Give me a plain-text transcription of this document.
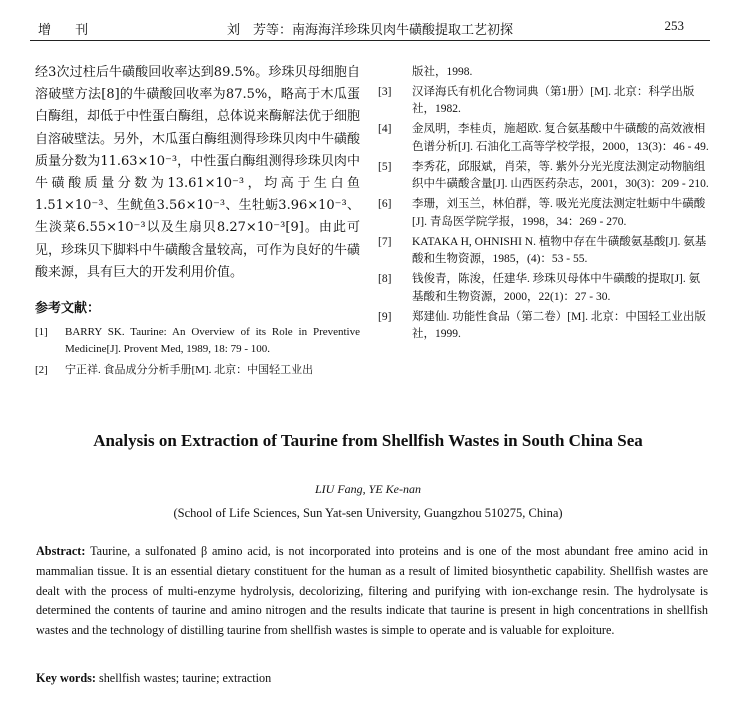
增 刊	刘　芳等：南海海洋珍珠贝肉牛磺酸提取工艺初探	253

经3次过柱后牛磺酸回收率达到89.5%。珍珠贝母细胞自溶破壁方法[8]的牛磺酸回收率为87.5%，略高于木瓜蛋白酶组，却低于中性蛋白酶组，总体说来酶解法优于细胞自溶破壁法。另外，木瓜蛋白酶组测得珍珠贝肉中牛磺酸质量分数为11.63×10⁻³，中性蛋白酶组测得珍珠贝肉中牛磺酸质量分数为13.61×10⁻³，均高于生白鱼1.51×10⁻³、生鱿鱼3.56×10⁻³、生牡蛎3.96×10⁻³、生淡菜6.55×10⁻³以及生扇贝8.27×10⁻³[9]。由此可见，珍珠贝下脚料中牛磺酸含量较高，可作为良好的牛磺酸来源，具有巨大的开发利用价值。

参考文献：
[1]	BARRY SK. Taurine: An Overview of its Role in Preventive Medicine[J]. Provent Med, 1989, 18: 79 - 100.
[2]	宁正祥. 食品成分分析手册[M]. 北京：中国轻工业出
版社，1998.
[3]	汉译海氏有机化合物词典（第1册）[M]. 北京：科学出版社，1982.
[4]	金凤明，李桂贞，施超欧. 复合氨基酸中牛磺酸的高效液相色谱分析[J]. 石油化工高等学校学报，2000，13(3)：46 - 49.
[5]	李秀花，邱服斌，肖荣，等. 紫外分光光度法测定动物脑组织中牛磺酸含量[J]. 山西医药杂志，2001，30(3)：209 - 210.
[6]	李珊，刘玉兰，林伯群，等. 吸光光度法测定牡蛎中牛磺酸[J]. 青岛医学院学报，1998，34：269 - 270.
[7]	KATAKA H, OHNISHI N. 植物中存在牛磺酸氨基酸[J]. 氨基酸和生物资源，1985，(4)：53 - 55.
[8]	钱俊青，陈浚，任建华. 珍珠贝母体中牛磺酸的提取[J]. 氨基酸和生物资源，2000，22(1)：27 - 30.
[9]	郑建仙. 功能性食品（第二卷）[M]. 北京：中国轻工业出版社，1999.
Analysis on Extraction of Taurine from Shellfish Wastes in South China Sea
LIU Fang, YE Ke-nan
(School of Life Sciences, Sun Yat-sen University, Guangzhou 510275, China)
Abstract: Taurine, a sulfonated β amino acid, is not incorporated into proteins and is one of the most abundant free amino acid in mammalian tissue. It is an essential dietary constituent for the human as a result of limited biosynthetic capability. Shellfish wastes are dealt with the process of multi-enzyme hydrolysis, decolorizing, filtering and purifying with ion-exchange resin. The hydrolysate is determined the contents of taurine and amino nitrogen and the results indicate that taurine is present in high concentrations in shellfish wastes and the technology of distilling taurine from shellfish wastes is simple to operate and is valuable for exploiture.
Key words: shellfish wastes; taurine; extraction
